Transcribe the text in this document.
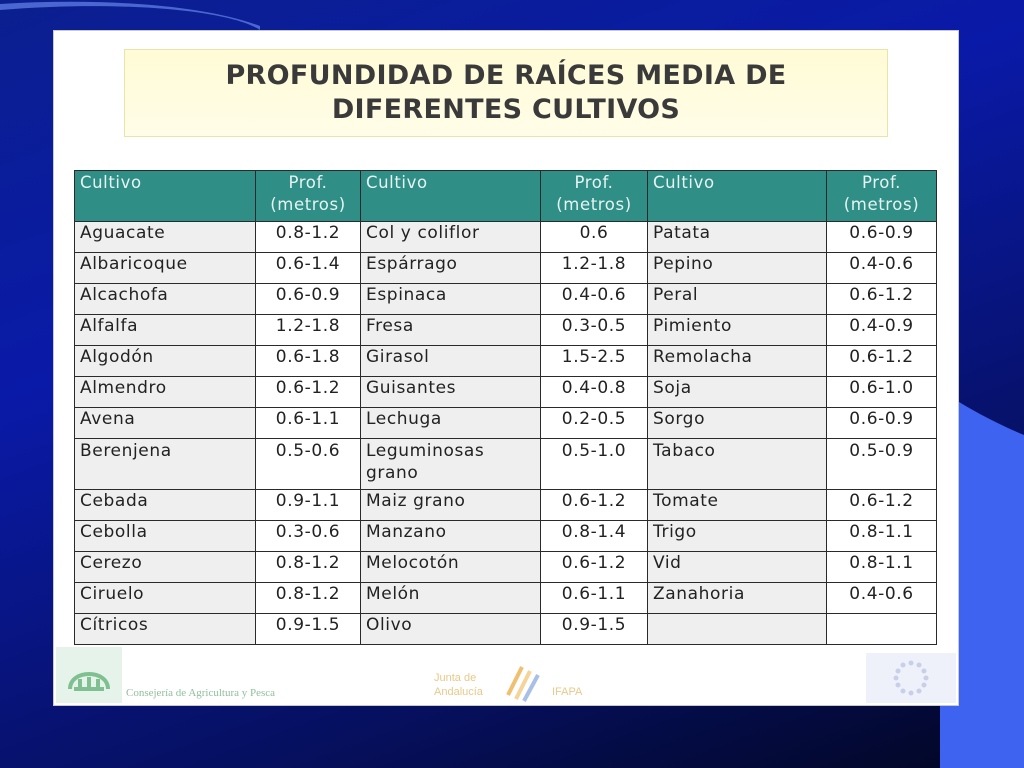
PROFUNDIDAD DE RAÍCES MEDIA DE
DIFERENTES CULTIVOS
Cultivo	Prof. (metros)	Cultivo	Prof. (metros)	Cultivo	Prof. (metros)
Aguacate	0.8-1.2	Col y coliflor	0.6	Patata	0.6-0.9
Albaricoque	0.6-1.4	Espárrago	1.2-1.8	Pepino	0.4-0.6
Alcachofa	0.6-0.9	Espinaca	0.4-0.6	Peral	0.6-1.2
Alfalfa	1.2-1.8	Fresa	0.3-0.5	Pimiento	0.4-0.9
Algodón	0.6-1.8	Girasol	1.5-2.5	Remolacha	0.6-1.2
Almendro	0.6-1.2	Guisantes	0.4-0.8	Soja	0.6-1.0
Avena	0.6-1.1	Lechuga	0.2-0.5	Sorgo	0.6-0.9
Berenjena	0.5-0.6	Leguminosas grano	0.5-1.0	Tabaco	0.5-0.9
Cebada	0.9-1.1	Maiz grano	0.6-1.2	Tomate	0.6-1.2
Cebolla	0.3-0.6	Manzano	0.8-1.4	Trigo	0.8-1.1
Cerezo	0.8-1.2	Melocotón	0.6-1.2	Vid	0.8-1.1
Ciruelo	0.8-1.2	Melón	0.6-1.1	Zanahoria	0.4-0.6
Cítricos	0.9-1.5	Olivo	0.9-1.5		
Consejería de Agricultura y Pesca
Junta de
Andalucía	IFAPA
